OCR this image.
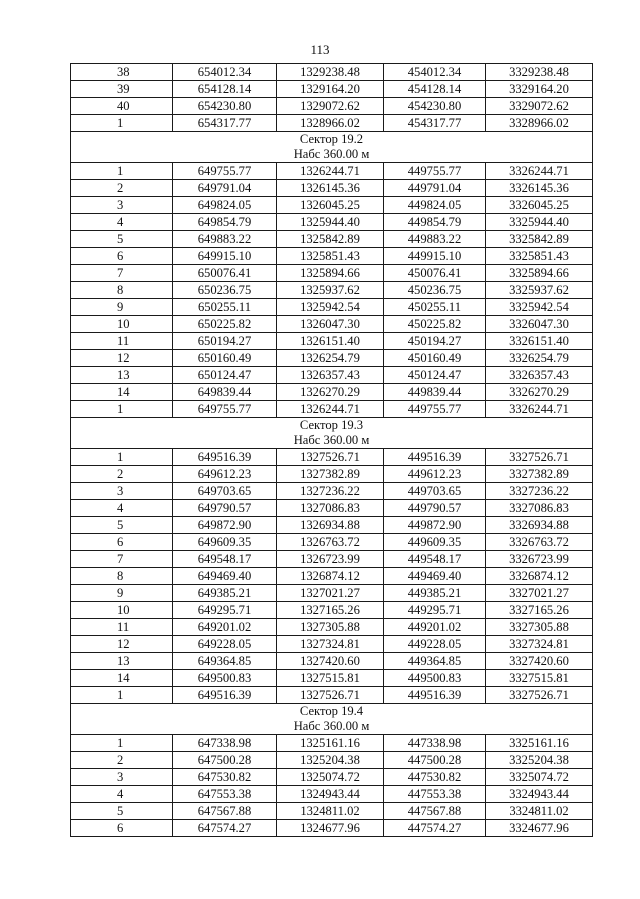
113
38	654012.34	1329238.48	454012.34	3329238.48
39	654128.14	1329164.20	454128.14	3329164.20
40	654230.80	1329072.62	454230.80	3329072.62
1	654317.77	1328966.02	454317.77	3328966.02
Сектор 19.2				
Набс 360.00 м				
1	649755.77	1326244.71	449755.77	3326244.71
2	649791.04	1326145.36	449791.04	3326145.36
3	649824.05	1326045.25	449824.05	3326045.25
4	649854.79	1325944.40	449854.79	3325944.40
5	649883.22	1325842.89	449883.22	3325842.89
6	649915.10	1325851.43	449915.10	3325851.43
7	650076.41	1325894.66	450076.41	3325894.66
8	650236.75	1325937.62	450236.75	3325937.62
9	650255.11	1325942.54	450255.11	3325942.54
10	650225.82	1326047.30	450225.82	3326047.30
11	650194.27	1326151.40	450194.27	3326151.40
12	650160.49	1326254.79	450160.49	3326254.79
13	650124.47	1326357.43	450124.47	3326357.43
14	649839.44	1326270.29	449839.44	3326270.29
1	649755.77	1326244.71	449755.77	3326244.71
Сектор 19.3				
Набс 360.00 м				
1	649516.39	1327526.71	449516.39	3327526.71
2	649612.23	1327382.89	449612.23	3327382.89
3	649703.65	1327236.22	449703.65	3327236.22
4	649790.57	1327086.83	449790.57	3327086.83
5	649872.90	1326934.88	449872.90	3326934.88
6	649609.35	1326763.72	449609.35	3326763.72
7	649548.17	1326723.99	449548.17	3326723.99
8	649469.40	1326874.12	449469.40	3326874.12
9	649385.21	1327021.27	449385.21	3327021.27
10	649295.71	1327165.26	449295.71	3327165.26
11	649201.02	1327305.88	449201.02	3327305.88
12	649228.05	1327324.81	449228.05	3327324.81
13	649364.85	1327420.60	449364.85	3327420.60
14	649500.83	1327515.81	449500.83	3327515.81
1	649516.39	1327526.71	449516.39	3327526.71
Сектор 19.4				
Набс 360.00 м				
1	647338.98	1325161.16	447338.98	3325161.16
2	647500.28	1325204.38	447500.28	3325204.38
3	647530.82	1325074.72	447530.82	3325074.72
4	647553.38	1324943.44	447553.38	3324943.44
5	647567.88	1324811.02	447567.88	3324811.02
6	647574.27	1324677.96	447574.27	3324677.96
